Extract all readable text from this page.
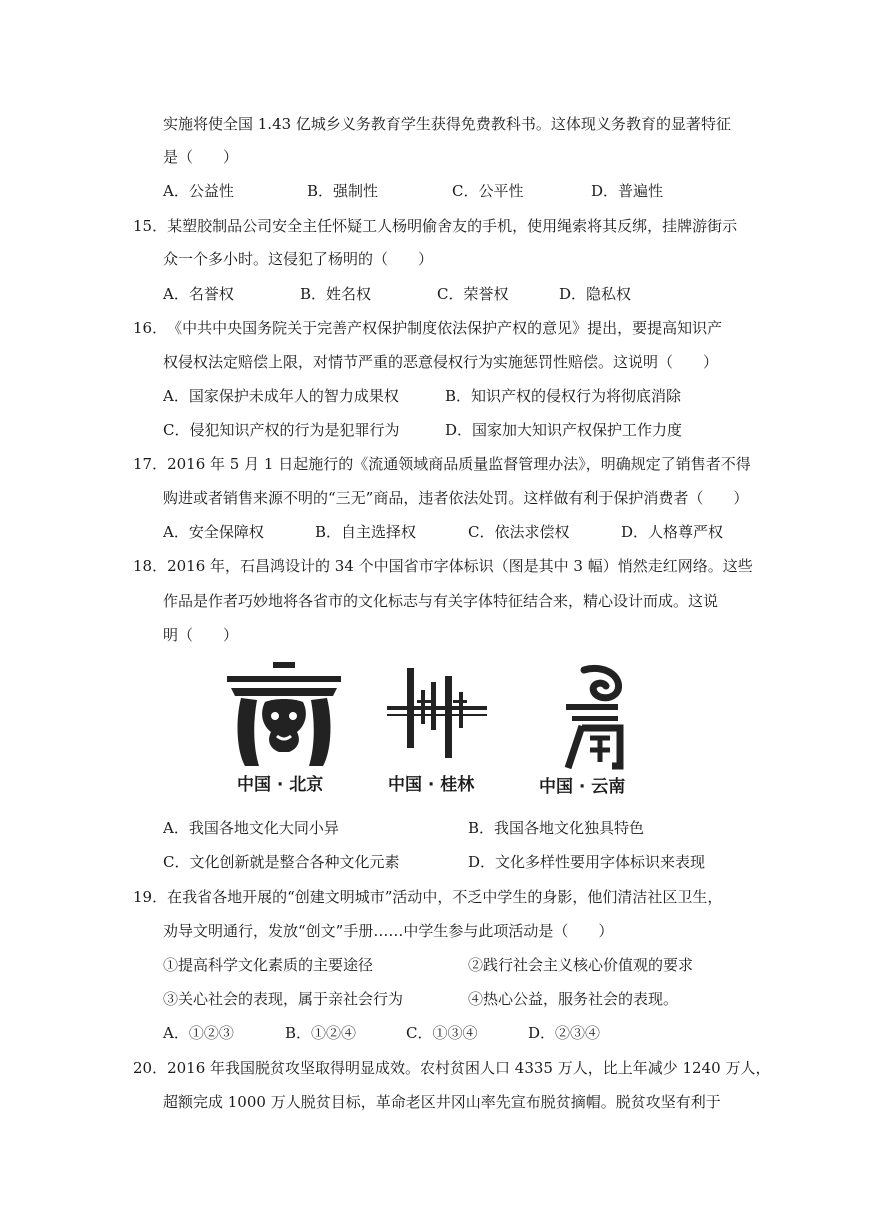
实施将使全国 1.43 亿城乡义务教育学生获得免费教科书。这体现义务教育的显著特征
是（　　）
A．公益性	B．强制性	C．公平性	D．普遍性
15．某塑胶制品公司安全主任怀疑工人杨明偷舍友的手机，使用绳索将其反绑，挂牌游街示
众一个多小时。这侵犯了杨明的（　　）
A．名誉权	B．姓名权	C．荣誉权	D．隐私权
16．　《中共中央国务院关于完善产权保护制度依法保护产权的意见》提出，要提高知识产
权侵权法定赔偿上限，对情节严重的恶意侵权行为实施惩罚性赔偿。这说明（　　）
A．国家保护未成年人的智力成果权	B．知识产权的侵权行为将彻底消除
C．侵犯知识产权的行为是犯罪行为	D．国家加大知识产权保护工作力度
17．2016 年 5 月 1 日起施行的《流通领域商品质量监督管理办法》，明确规定了销售者不得
购进或者销售来源不明的“三无”商品，违者依法处罚。这样做有利于保护消费者（　　）
A．安全保障权	B．自主选择权	C．依法求偿权	D．人格尊严权
18．2016 年，石昌鸿设计的 34 个中国省市字体标识（图是其中 3 幅）悄然走红网络。这些
作品是作者巧妙地将各省市的文化标志与有关字体特征结合来，精心设计而成。这说
明（　　）
中国 · 北京	中国 · 桂林	中国 · 云南
A．我国各地文化大同小异	B．我国各地文化独具特色
C．文化创新就是整合各种文化元素	D．文化多样性要用字体标识来表现
19．在我省各地开展的“创建文明城市”活动中，不乏中学生的身影，他们清洁社区卫生，
劝导文明通行，发放“创文”手册……中学生参与此项活动是（　　）
①提高科学文化素质的主要途径	②践行社会主义核心价值观的要求
③关心社会的表现，属于亲社会行为	④热心公益，服务社会的表现。
A．①②③	B．①②④	C．①③④	D．②③④
20．2016 年我国脱贫攻坚取得明显成效。农村贫困人口 4335 万人，比上年减少 1240 万人，
超额完成 1000 万人脱贫目标，革命老区井冈山率先宣布脱贫摘帽。脱贫攻坚有利于
